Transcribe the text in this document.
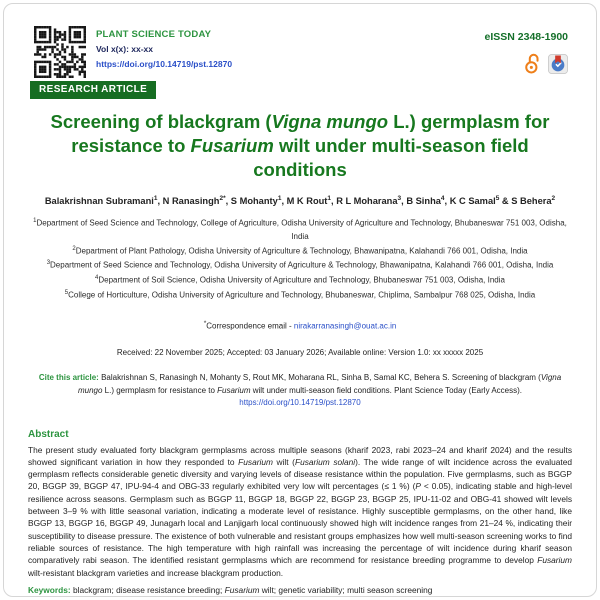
PLANT SCIENCE TODAY
Vol x(x): xx-xx
https://doi.org/10.14719/pst.12870
eISSN 2348-1900
RESEARCH ARTICLE
Screening of blackgram (Vigna mungo L.) germplasm for
resistance to Fusarium wilt under multi-season field conditions
Balakrishnan Subramani$^1$, N Ranasingh$^{2*}$, S Mohanty$^1$, M K Rout$^1$, R L Moharana$^3$, B Sinha$^4$, K C Samal$^5$ & S Behera$^2$
$^1$Department of Seed Science and Technology, College of Agriculture, Odisha University of Agriculture and Technology, Bhubaneswar 751 003, Odisha, India
$^2$Department of Plant Pathology, Odisha University of Agriculture & Technology, Bhawanipatna, Kalahandi 766 001, Odisha, India
$^3$Department of Seed Science and Technology, Odisha University of Agriculture & Technology, Bhawanipatna, Kalahandi 766 001, Odisha, India
$^4$Department of Soil Science, Odisha University of Agriculture and Technology, Bhubaneswar 751 003, Odisha, India
$^5$College of Horticulture, Odisha University of Agriculture and Technology, Bhubaneswar, Chiplima, Sambalpur 768 025, Odisha, India
*Correspondence email - nirakarranasingh@ouat.ac.in
Received: 22 November 2025; Accepted: 03 January 2026; Available online: Version 1.0: xx xxxxx 2025
Cite this article: Balakrishnan S, Ranasingh N, Mohanty S, Rout MK, Moharana RL, Sinha B, Samal KC, Behera S. Screening of blackgram (Vigna mungo L.) germplasm for resistance to Fusarium wilt under multi-season field conditions. Plant Science Today (Early Access).
https://doi.org/10.14719/pst.12870
Abstract

The present study evaluated forty blackgram germplasms across multiple seasons (kharif 2023, rabi 2023–24 and kharif 2024) and the results showed significant variation in how they responded to Fusarium wilt (Fusarium solani). The wide range of wilt incidence across the evaluated germplasm reflects considerable genetic diversity and varying levels of disease resistance within the population. Five germplasms, such as BGGP 20, BGGP 39, BGGP 47, IPU-94-4 and OBG-33 regularly exhibited very low wilt percentages (≤ 1 %) (P < 0.05), indicating stable and high-level resilience across seasons. Germplasm such as BGGP 11, BGGP 18, BGGP 22, BGGP 23, BGGP 25, IPU-11-02 and OBG-41 showed wilt levels between 3–9 % with little seasonal variation, indicating a moderate level of resistance. Highly susceptible germplasms, on the other hand, like BGGP 13, BGGP 16, BGGP 49, Junagarh local and Lanjigarh local continuously showed high wilt incidence ranges from 21–24 %, indicating their susceptibility to disease pressure. The existence of both vulnerable and resistant groups emphasizes how well multi-season screening works to find reliable sources of resistance. The high temperature with high rainfall was increasing the percentage of wilt incidence during kharif season comparatively rabi season. The identified resistant germplasms which are recommend for resistance breeding programme to develop Fusarium wilt-resistant blackgram varieties and increase blackgram production.

Keywords: blackgram; disease resistance breeding; Fusarium wilt; genetic variability; multi season screening
